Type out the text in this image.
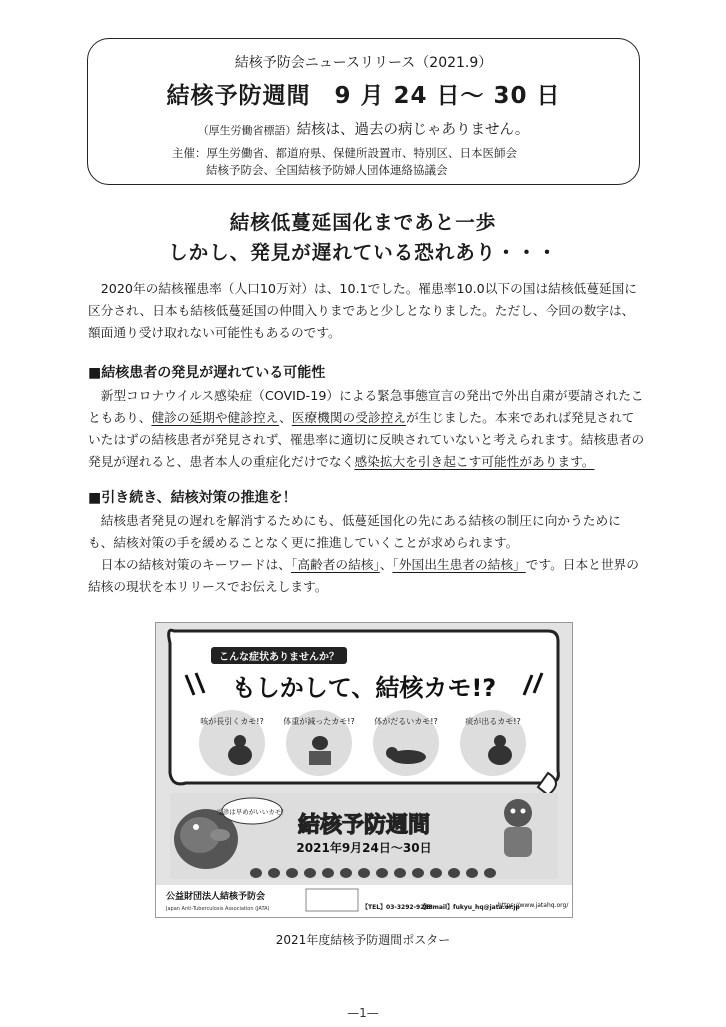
結核予防会ニュースリリース（2021.9）
結核予防週間　9 月 24 日～ 30 日
（厚生労働省標語）結核は、過去の病じゃありません。
主催：厚生労働省、都道府県、保健所設置市、特別区、日本医師会
結核予防会、全国結核予防婦人団体連絡協議会
結核低蔓延国化まであと一歩
しかし、発見が遅れている恐れあり・・・

2020年の結核罹患率（人口10万対）は、10.1でした。罹患率10.0以下の国は結核低蔓延国に区分され、日本も結核低蔓延国の仲間入りまであと少しとなりました。ただし、今回の数字は、額面通り受け取れない可能性もあるのです。

■結核患者の発見が遅れている可能性

新型コロナウイルス感染症（COVID-19）による緊急事態宣言の発出で外出自粛が要請されたこともあり、健診の延期や健診控え、医療機関の受診控えが生じました。本来であれば発見されていたはずの結核患者が発見されず、罹患率に適切に反映されていないと考えられます。結核患者の発見が遅れると、患者本人の重症化だけでなく感染拡大を引き起こす可能性があります。

■引き続き、結核対策の推進を！

結核患者発見の遅れを解消するためにも、低蔓延国化の先にある結核の制圧に向かうためにも、結核対策の手を緩めることなく更に推進していくことが求められます。

日本の結核対策のキーワードは、「高齢者の結核」、「外国出生患者の結核」です。日本と世界の結核の現状を本リリースでお伝えします。

こんな症状ありませんか？
もしかして、結核カモ!?
咳が長引くカモ!? 体重が減ったカモ!? 体がだるいカモ!?	痰が出るカモ!?
受診は早めがいいカモ！
結核予防週間
2021年9月24日～30日
公益財団法人結核予防会
Japan Anti-Tuberculosis Association (JATA)	【TEL】03-3292-9288
【E-mail】fukyu_hq@jata.or.jp
https://www.jatahq.org/
2021年度結核予防週間ポスター
—1—
